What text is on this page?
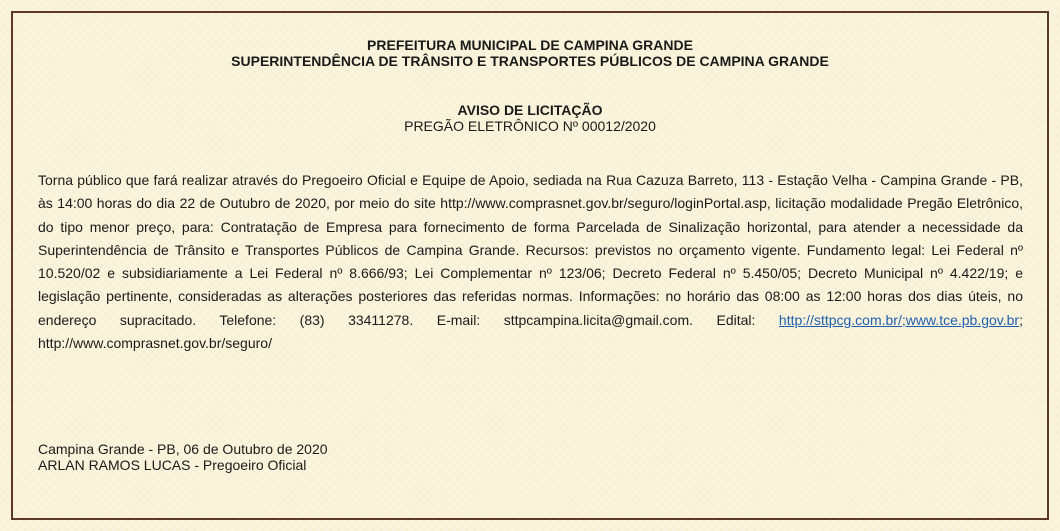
PREFEITURA MUNICIPAL DE CAMPINA GRANDE
SUPERINTENDÊNCIA DE TRÂNSITO E TRANSPORTES PÚBLICOS DE CAMPINA GRANDE
AVISO DE LICITAÇÃO
PREGÃO ELETRÔNICO Nº 00012/2020
Torna público que fará realizar através do Pregoeiro Oficial e Equipe de Apoio, sediada na Rua Cazuza Barreto, 113 - Estação Velha - Campina Grande - PB, às 14:00 horas do dia 22 de Outubro de 2020, por meio do site http://www.comprasnet.gov.br/seguro/loginPortal.asp, licitação modalidade Pregão Eletrônico, do tipo menor preço, para: Contratação de Empresa para fornecimento de forma Parcelada de Sinalização horizontal, para atender a necessidade da Superintendência de Trânsito e Transportes Públicos de Campina Grande. Recursos: previstos no orçamento vigente. Fundamento legal: Lei Federal nº 10.520/02 e subsidiariamente a Lei Federal nº 8.666/93; Lei Complementar nº 123/06; Decreto Federal nº 5.450/05; Decreto Municipal nº 4.422/19; e legislação pertinente, consideradas as alterações posteriores das referidas normas. Informações: no horário das 08:00 as 12:00 horas dos dias úteis, no endereço supracitado. Telefone: (83) 33411278. E-mail: sttpcampina.licita@gmail.com. Edital: http://sttpcg.com.br/;www.tce.pb.gov.br; http://www.comprasnet.gov.br/seguro/
Campina Grande - PB, 06 de Outubro de 2020
ARLAN RAMOS LUCAS - Pregoeiro Oficial
